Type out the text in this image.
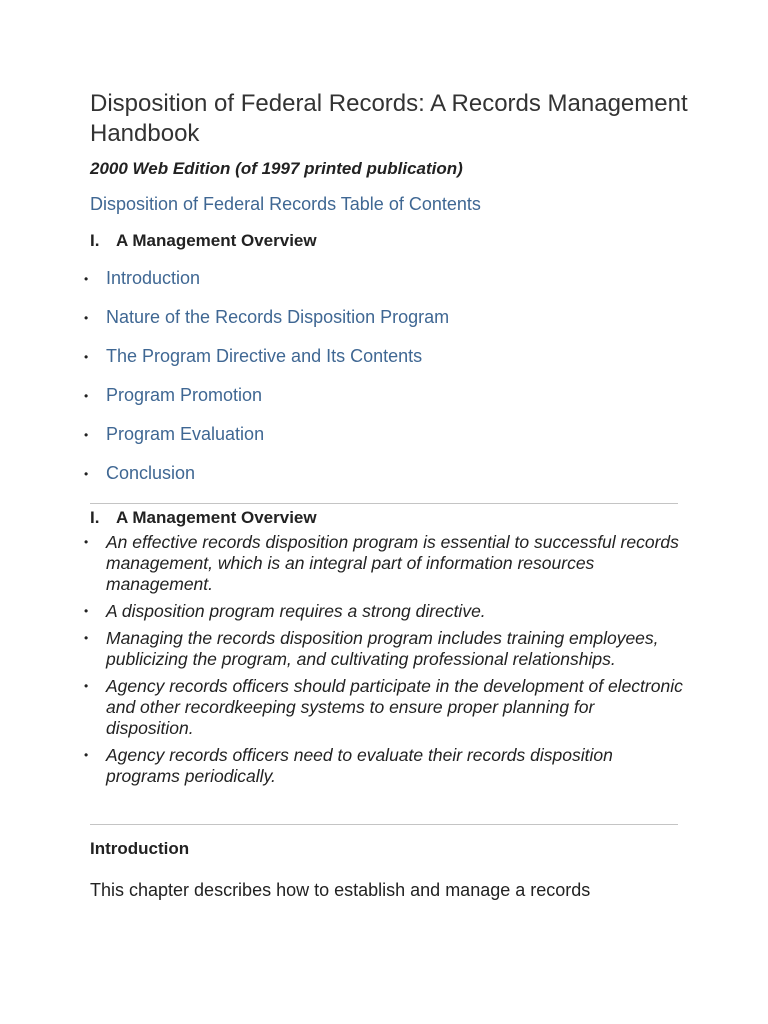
Disposition of Federal Records: A Records Management Handbook

2000 Web Edition (of 1997 printed publication)

Disposition of Federal Records Table of Contents
I. A Management Overview
• Introduction
• Nature of the Records Disposition Program
• The Program Directive and Its Contents
• Program Promotion
• Program Evaluation
• Conclusion
I. A Management Overview
• An effective records disposition program is essential to successful records management, which is an integral part of information resources management.
• A disposition program requires a strong directive.
• Managing the records disposition program includes training employees, publicizing the program, and cultivating professional relationships.
• Agency records officers should participate in the development of electronic and other recordkeeping systems to ensure proper planning for disposition.
• Agency records officers need to evaluate their records disposition programs periodically.
Introduction

This chapter describes how to establish and manage a records
